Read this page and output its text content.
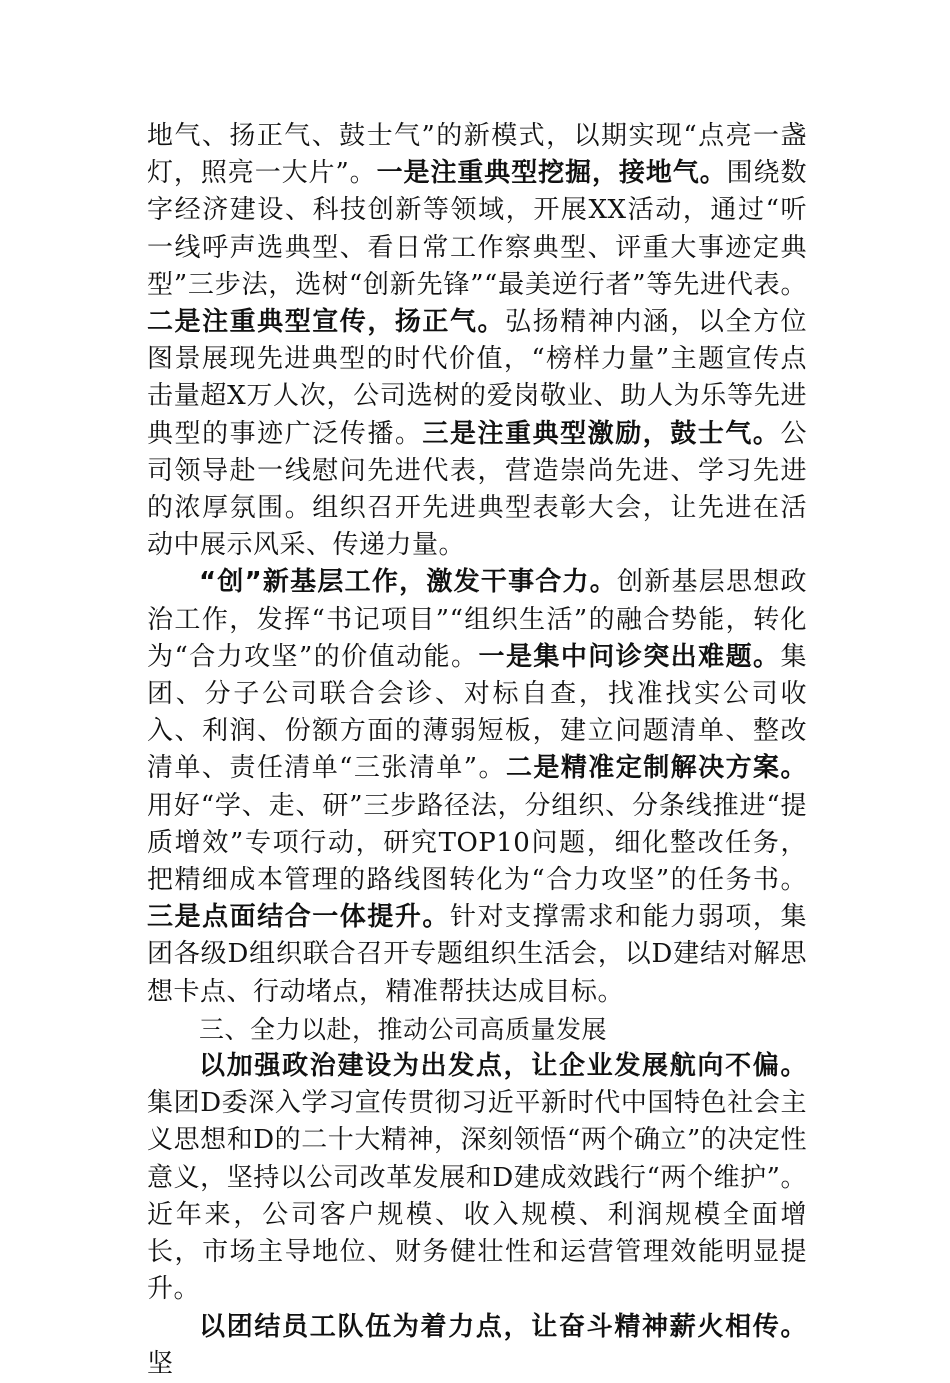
地气、扬正气、鼓士气”的新模式，以期实现“点亮一盏灯，照亮一大片”。一是注重典型挖掘，接地气。围绕数字经济建设、科技创新等领域，开展XX活动，通过“听一线呼声选典型、看日常工作察典型、评重大事迹定典型”三步法，选树“创新先锋”“最美逆行者”等先进代表。二是注重典型宣传，扬正气。弘扬精神内涵，以全方位图景展现先进典型的时代价值，“榜样力量”主题宣传点击量超X万人次，公司选树的爱岗敬业、助人为乐等先进典型的事迹广泛传播。三是注重典型激励，鼓士气。公司领导赴一线慰问先进代表，营造崇尚先进、学习先进的浓厚氛围。组织召开先进典型表彰大会，让先进在活动中展示风采、传递力量。

“创”新基层工作，激发干事合力。创新基层思想政治工作，发挥“书记项目”“组织生活”的融合势能，转化为“合力攻坚”的价值动能。一是集中问诊突出难题。集团、分子公司联合会诊、对标自查，找准找实公司收入、利润、份额方面的薄弱短板，建立问题清单、整改清单、责任清单“三张清单”。二是精准定制解决方案。用好“学、走、研”三步路径法，分组织、分条线推进“提质增效”专项行动，研究TOP10问题，细化整改任务，把精细成本管理的路线图转化为“合力攻坚”的任务书。三是点面结合一体提升。针对支撑需求和能力弱项，集团各级D组织联合召开专题组织生活会，以D建结对解思想卡点、行动堵点，精准帮扶达成目标。

三、全力以赴，推动公司高质量发展

以加强政治建设为出发点，让企业发展航向不偏。集团D委深入学习宣传贯彻习近平新时代中国特色社会主义思想和D的二十大精神，深刻领悟“两个确立”的决定性意义，坚持以公司改革发展和D建成效践行“两个维护”。近年来，公司客户规模、收入规模、利润规模全面增长，市场主导地位、财务健壮性和运营管理效能明显提升。

以团结员工队伍为着力点，让奋斗精神薪火相传。坚
